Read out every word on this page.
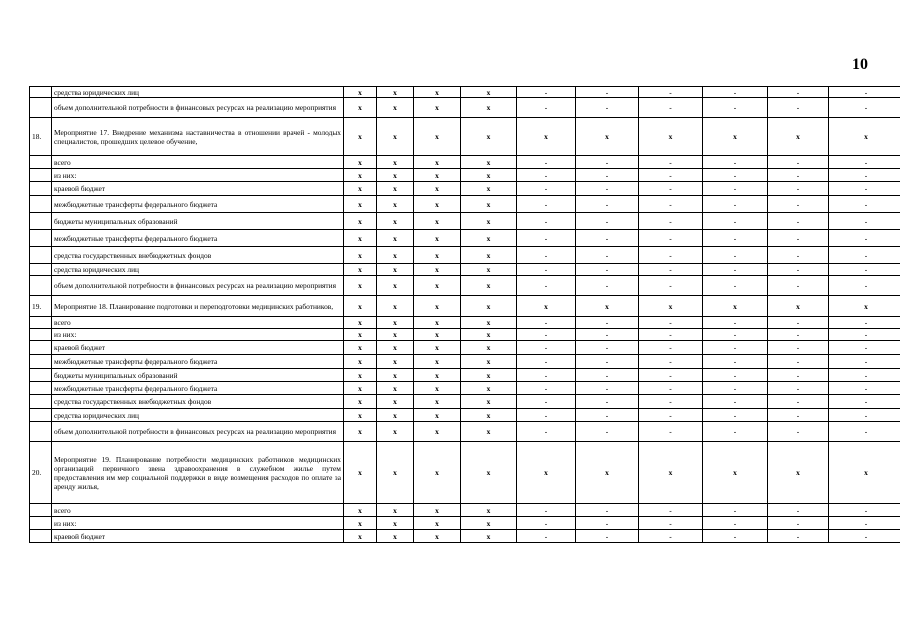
10
	средства юридических лиц	x	x	x	x	-	-	-	-	-	-
	объем дополнительной потребности в финансовых ресурсах на реализацию мероприятия	x	x	x	x	-	-	-	-	-	-
18.	Мероприятие 17. Внедрение механизма наставничества в отношении врачей - молодых специалистов, прошедших целевое обучение,	x	x	x	x	x	x	x	x	x	x
	всего	x	x	x	x	-	-	-	-	-	-
	из них:	x	x	x	x	-	-	-	-	-	-
	краевой бюджет	x	x	x	x	-	-	-	-	-	-
	межбюджетные трансферты федерального бюджета	x	x	x	x	-	-	-	-	-	-
	бюджеты муниципальных образований	x	x	x	x	-	-	-	-	-	-
	межбюджетные трансферты федерального бюджета	x	x	x	x	-	-	-	-	-	-
	средства государственных внебюджетных фондов	x	x	x	x	-	-	-	-	-	-
	средства юридических лиц	x	x	x	x	-	-	-	-	-	-
	объем дополнительной потребности в финансовых ресурсах на реализацию мероприятия	x	x	x	x	-	-	-	-	-	-
19.	Мероприятие 18. Планирование подготовки и переподготовки медицинских работников,	x	x	x	x	x	x	x	x	x	x
	всего	x	x	x	x	-	-	-	-	-	-
	из них:	x	x	x	x	-	-	-	-	-	-
	краевой бюджет	x	x	x	x	-	-	-	-	-	-
	межбюджетные трансферты федерального бюджета	x	x	x	x	-	-	-	-	-	-
	бюджеты муниципальных образований	x	x	x	x	-	-	-	-	-	-
	межбюджетные трансферты федерального бюджета	x	x	x	x	-	-	-	-	-	-
	средства государственных внебюджетных фондов	x	x	x	x	-	-	-	-	-	-
	средства юридических лиц	x	x	x	x	-	-	-	-	-	-
	объем дополнительной потребности в финансовых ресурсах на реализацию мероприятия	x	x	x	x	-	-	-	-	-	-
20.	Мероприятие 19. Планирование потребности медицинских работников медицинских организаций первичного звена здравоохранения в служебном жилье путем предоставления им мер социальной поддержки в виде возмещения расходов по оплате за аренду жилья,	x	x	x	x	x	x	x	x	x	x
	всего	x	x	x	x	-	-	-	-	-	-
	из них:	x	x	x	x	-	-	-	-	-	-
	краевой бюджет	x	x	x	x	-	-	-	-	-	-
